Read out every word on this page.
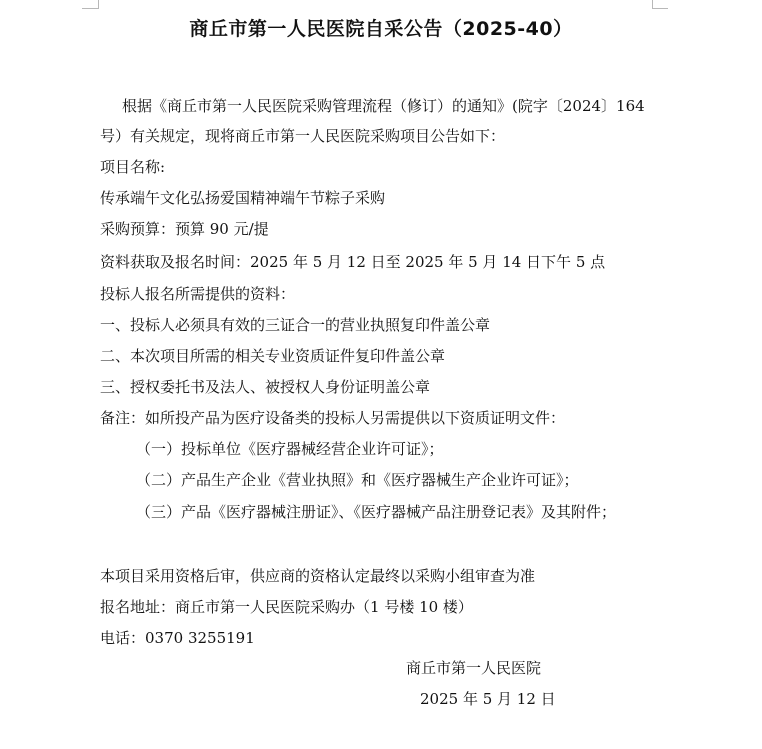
商丘市第一人民医院自采公告（2025-40）
根据《商丘市第一人民医院采购管理流程（修订）的通知》(院字〔2024〕164
号）有关规定，现将商丘市第一人民医院采购项目公告如下：
项目名称:
传承端午文化弘扬爱国精神端午节粽子采购
采购预算：预算 90 元/提
资料获取及报名时间：2025 年 5 月 12 日至 2025 年 5 月 14 日下午 5 点
投标人报名所需提供的资料：
一、投标人必须具有效的三证合一的营业执照复印件盖公章
二、本次项目所需的相关专业资质证件复印件盖公章
三、授权委托书及法人、被授权人身份证明盖公章
备注：如所投产品为医疗设备类的投标人另需提供以下资质证明文件：
（一）投标单位《医疗器械经营企业许可证》；
（二）产品生产企业《营业执照》和《医疗器械生产企业许可证》；
（三）产品《医疗器械注册证》、《医疗器械产品注册登记表》及其附件；
本项目采用资格后审，供应商的资格认定最终以采购小组审查为准
报名地址：商丘市第一人民医院采购办（1 号楼 10 楼）
电话：0370 3255191
商丘市第一人民医院
2025 年 5 月 12 日
